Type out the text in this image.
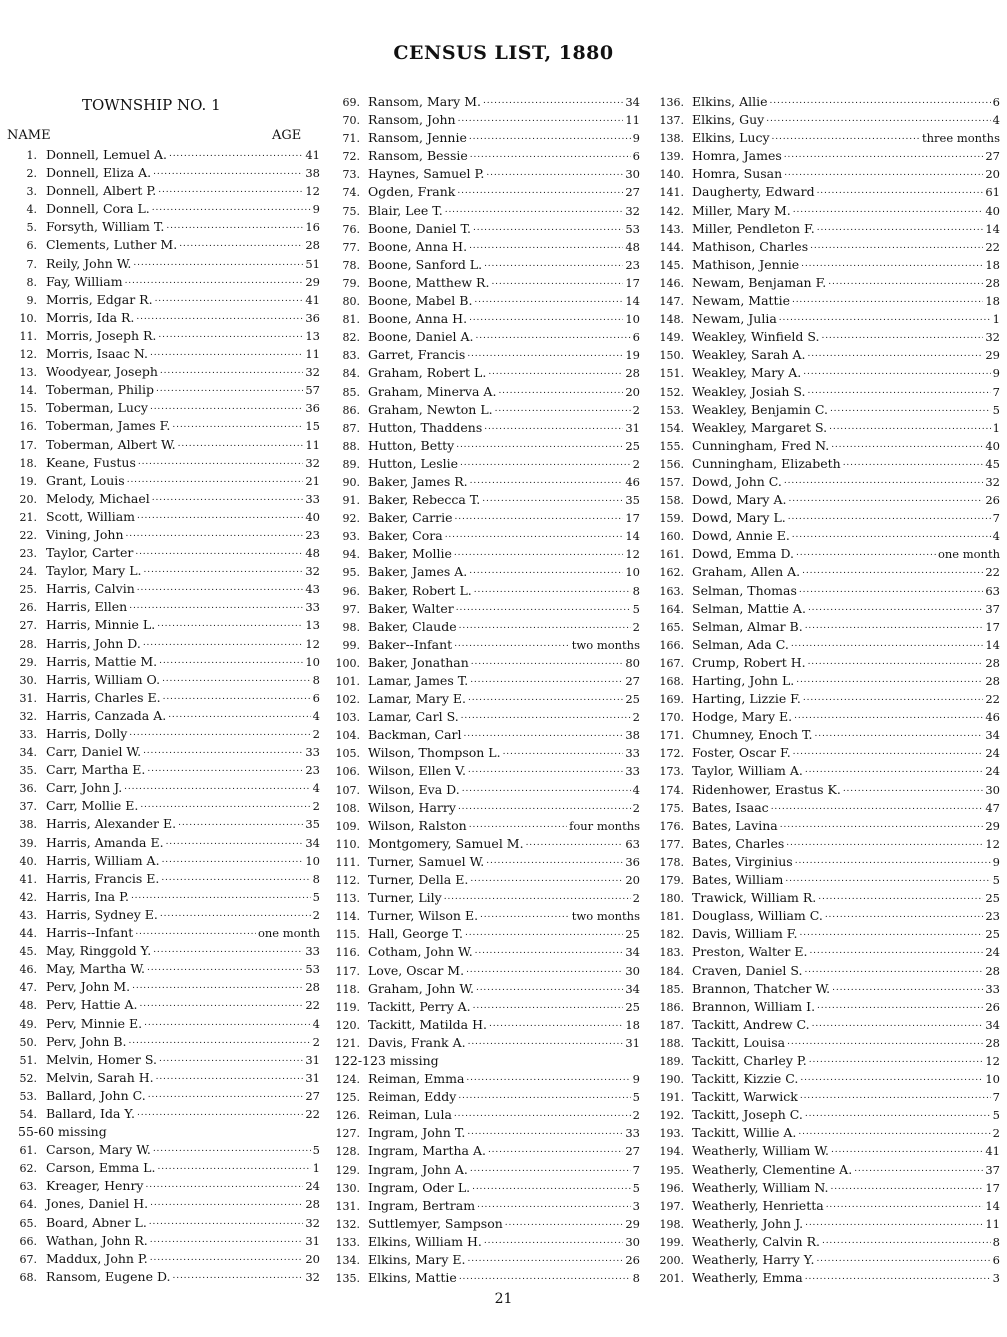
CENSUS LIST, 1880
TOWNSHIP NO. 1
NAME	AGE
1. Donnell, Lemuel A. . . .	41
2. Donnell, Eliza A. . . .	38
3. Donnell, Albert P. . . .	12
4. Donnell, Cora L. . . .	9
5. Forsyth, William T. . . .	16
6. Clements, Luther M. . . .	28
7. Reily, John W. . . .	51
8. Fay, William . . .	29
9. Morris, Edgar R. . . .	41
10. Morris, Ida R. . . .	36
11. Morris, Joseph R. . . .	13
12. Morris, Isaac N. . . .	11
13. Woodyear, Joseph . . .	32
14. Toberman, Philip . . .	57
15. Toberman, Lucy . . .	36
16. Toberman, James F. . . .	15
17. Toberman, Albert W. . . .	11
18. Keane, Fustus . . .	32
19. Grant, Louis . . .	21
20. Melody, Michael . . .	33
21. Scott, William . . .	40
22. Vining, John . . .	23
23. Taylor, Carter . . .	48
24. Taylor, Mary L. . . .	32
25. Harris, Calvin . . .	43
26. Harris, Ellen . . .	33
27. Harris, Minnie L. . . .	13
28. Harris, John D. . . .	12
29. Harris, Mattie M. . . .	10
30. Harris, William O. . . .	8
31. Harris, Charles E. . . .	6
32. Harris, Canzada A. . . .	4
33. Harris, Dolly . . .	2
34. Carr, Daniel W. . . .	33
35. Carr, Martha E. . . .	23
36. Carr, John J. . . .	4
37. Carr, Mollie E. . . .	2
38. Harris, Alexander E. . . .	35
39. Harris, Amanda E. . . .	34
40. Harris, William A. . . .	10
41. Harris, Francis E. . . .	8
42. Harris, Ina P. . . .	5
43. Harris, Sydney E. . . .	2
44. Harris--Infant . . .	one month
45. May, Ringgold Y. . . .	33
46. May, Martha W. . . .	53
47. Perv, John M. . . .	28
48. Perv, Hattie A. . . .	22
49. Perv, Minnie E. . . .	4
50. Perv, John B. . . .	2
51. Melvin, Homer S. . . .	31
52. Melvin, Sarah H. . . .	31
53. Ballard, John C. . . .	27
54. Ballard, Ida Y. . . .	22
55-60 missing
61. Carson, Mary W. . . .	5
62. Carson, Emma L. . . .	1
63. Kreager, Henry . . .	24
64. Jones, Daniel H. . . .	28
65. Board, Abner L. . . .	32
66. Wathan, John R. . . .	31
67. Maddux, John P. . . .	20
68. Ransom, Eugene D. . . .	32
69. Ransom, Mary M. . . .	34
70. Ransom, John . . .	11
71. Ransom, Jennie . . .	9
72. Ransom, Bessie . . .	6
73. Haynes, Samuel P. . . .	30
74. Ogden, Frank . . .	27
75. Blair, Lee T. . . .	32
76. Boone, Daniel T. . . .	53
77. Boone, Anna H. . . .	48
78. Boone, Sanford L. . . .	23
79. Boone, Matthew R. . . .	17
80. Boone, Mabel B. . . .	14
81. Boone, Anna H. . . .	10
82. Boone, Daniel A. . . .	6
83. Garret, Francis . . .	19
84. Graham, Robert L. . . .	28
85. Graham, Minerva A. . . .	20
86. Graham, Newton L. . . .	2
87. Hutton, Thaddens . . .	31
88. Hutton, Betty . . .	25
89. Hutton, Leslie . . .	2
90. Baker, James R. . . .	46
91. Baker, Rebecca T. . . .	35
92. Baker, Carrie . . .	17
93. Baker, Cora . . .	14
94. Baker, Mollie . . .	12
95. Baker, James A. . . .	10
96. Baker, Robert L. . . .	8
97. Baker, Walter . . .	5
98. Baker, Claude . . .	2
99. Baker--Infant . . .	two months
100. Baker, Jonathan . . .	80
101. Lamar, James T. . . .	27
102. Lamar, Mary E. . . .	25
103. Lamar, Carl S. . . .	2
104. Backman, Carl . . .	38
105. Wilson, Thompson L. . . .	33
106. Wilson, Ellen V. . . .	33
107. Wilson, Eva D. . . .	4
108. Wilson, Harry . . .	2
109. Wilson, Ralston . . .	four months
110. Montgomery, Samuel M. . . .	63
111. Turner, Samuel W. . . .	36
112. Turner, Della E. . . .	20
113. Turner, Lily . . .	2
114. Turner, Wilson E. . . .	two months
115. Hall, George T. . . .	25
116. Cotham, John W. . . .	34
117. Love, Oscar M. . . .	30
118. Graham, John W. . . .	34
119. Tackitt, Perry A. . . .	25
120. Tackitt, Matilda H. . . .	18
121. Davis, Frank A. . . .	31
122-123 missing
124. Reiman, Emma . . .	9
125. Reiman, Eddy . . .	5
126. Reiman, Lula . . .	2
127. Ingram, John T. . . .	33
128. Ingram, Martha A. . . .	27
129. Ingram, John A. . . .	7
130. Ingram, Oder L. . . .	5
131. Ingram, Bertram . . .	3
132. Suttlemyer, Sampson . . .	29
133. Elkins, William H. . . .	30
134. Elkins, Mary E. . . .	26
135. Elkins, Mattie . . .	8
136. Elkins, Allie . . .	6
137. Elkins, Guy . . .	4
138. Elkins, Lucy . . .	three months
139. Homra, James . . .	27
140. Homra, Susan . . .	20
141. Daugherty, Edward . . .	61
142. Miller, Mary M. . . .	40
143. Miller, Pendleton F. . . .	14
144. Mathison, Charles . . .	22
145. Mathison, Jennie . . .	18
146. Newam, Benjaman F. . . .	28
147. Newam, Mattie . . .	18
148. Newam, Julia . . .	1
149. Weakley, Winfield S. . . .	32
150. Weakley, Sarah A. . . .	29
151. Weakley, Mary A. . . .	9
152. Weakley, Josiah S. . . .	7
153. Weakley, Benjamin C. . . .	5
154. Weakley, Margaret S. . . .	1
155. Cunningham, Fred N. . . .	40
156. Cunningham, Elizabeth . . .	45
157. Dowd, John C. . . .	32
158. Dowd, Mary A. . . .	26
159. Dowd, Mary L. . . .	7
160. Dowd, Annie E. . . .	4
161. Dowd, Emma D. . . .	one month
162. Graham, Allen A. . . .	22
163. Selman, Thomas . . .	63
164. Selman, Mattie A. . . .	37
165. Selman, Almar B. . . .	17
166. Selman, Ada C. . . .	14
167. Crump, Robert H. . . .	28
168. Harting, John L. . . .	28
169. Harting, Lizzie F. . . .	22
170. Hodge, Mary E. . . .	46
171. Chumney, Enoch T. . . .	34
172. Foster, Oscar F. . . .	24
173. Taylor, William A. . . .	24
174. Ridenhower, Erastus K. . . .	30
175. Bates, Isaac . . .	47
176. Bates, Lavina . . .	29
177. Bates, Charles . . .	12
178. Bates, Virginius . . .	9
179. Bates, William . . .	5
180. Trawick, William R. . . .	25
181. Douglass, William C. . . .	23
182. Davis, William F. . . .	25
183. Preston, Walter E. . . .	24
184. Craven, Daniel S. . . .	28
185. Brannon, Thatcher W. . . .	33
186. Brannon, William I. . . .	26
187. Tackitt, Andrew C. . . .	34
188. Tackitt, Louisa . . .	28
189. Tackitt, Charley P. . . .	12
190. Tackitt, Kizzie C. . . .	10
191. Tackitt, Warwick . . .	7
192. Tackitt, Joseph C. . . .	5
193. Tackitt, Willie A. . . .	2
194. Weatherly, William W. . . .	41
195. Weatherly, Clementine A. . . .	37
196. Weatherly, William N. . . .	17
197. Weatherly, Henrietta . . .	14
198. Weatherly, John J. . . .	11
199. Weatherly, Calvin R. . . .	8
200. Weatherly, Harry Y. . . .	6
201. Weatherly, Emma . . .	3
21
